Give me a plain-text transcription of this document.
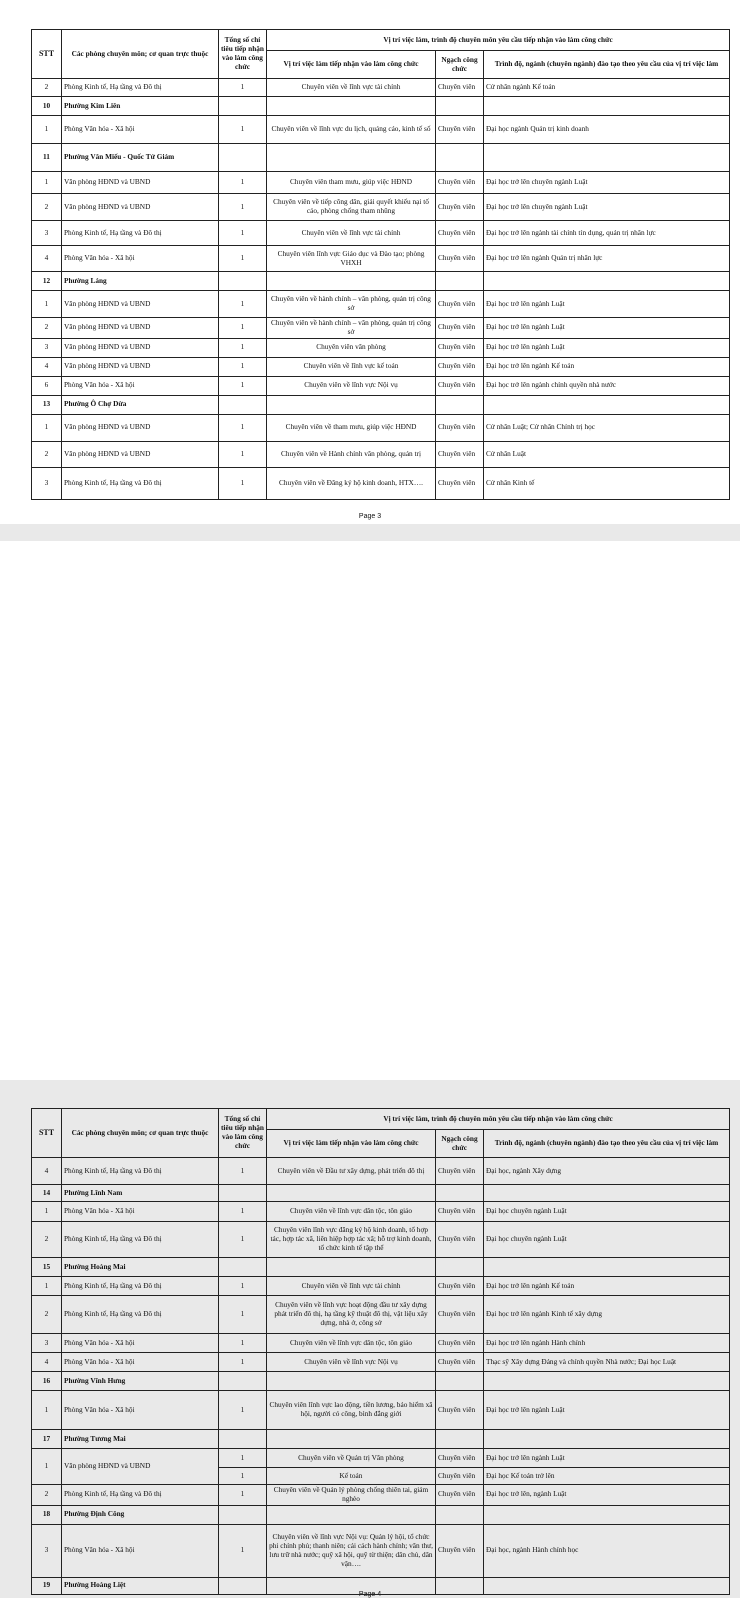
Page 3
STT	Các phòng chuyên môn; cơ quan trực thuộc	Tổng số chỉ tiêu tiếp nhận vào làm công chức	Vị trí việc làm, trình độ chuyên môn yêu cầu tiếp nhận vào làm công chức		
			Vị trí việc làm tiếp nhận vào làm công chức	Ngạch công chức	Trình độ, ngành (chuyên ngành) đào tạo theo yêu cầu của vị trí việc làm
2	Phòng Kinh tế, Hạ tầng và Đô thị	1	Chuyên viên về lĩnh vực tài chính	Chuyên viên	Cử nhân ngành Kế toán
10	Phường Kim Liên				
1	Phòng Văn hóa - Xã hội	1	Chuyên viên về lĩnh vực du lịch, quảng cáo, kinh tế số	Chuyên viên	Đại học ngành Quản trị kinh doanh
11	Phường Văn Miếu - Quốc Tử Giám				
1	Văn phòng HĐND và UBND	1	Chuyên viên tham mưu, giúp việc HĐND	Chuyên viên	Đại học trở lên chuyên ngành Luật
2	Văn phòng HĐND và UBND	1	Chuyên viên về tiếp công dân, giải quyết khiếu nại tố cáo, phòng chống tham nhũng	Chuyên viên	Đại học trở lên chuyên ngành Luật
3	Phòng Kinh tế, Hạ tầng và Đô thị	1	Chuyên viên về lĩnh vực tài chính	Chuyên viên	Đại học trở lên ngành tài chính tín dụng, quản trị nhân lực
4	Phòng Văn hóa - Xã hội	1	Chuyên viên lĩnh vực Giáo dục và Đào tạo; phòng VHXH	Chuyên viên	Đại học trở lên ngành Quản trị nhân lực
12	Phường Láng				
1	Văn phòng HĐND và UBND	1	Chuyên viên về hành chính – văn phòng, quản trị công sở	Chuyên viên	Đại học trở lên ngành Luật
2	Văn phòng HĐND và UBND	1	Chuyên viên về hành chính – văn phòng, quản trị công sở	Chuyên viên	Đại học trở lên ngành Luật
3	Văn phòng HĐND và UBND	1	Chuyên viên văn phòng	Chuyên viên	Đại học trở lên ngành Luật
4	Văn phòng HĐND và UBND	1	Chuyên viên về lĩnh vực kế toán	Chuyên viên	Đại học trở lên ngành Kế toán
6	Phòng Văn hóa - Xã hội	1	Chuyên viên về lĩnh vực Nội vụ	Chuyên viên	Đại học trở lên ngành chính quyền nhà nước
13	Phường Ô Chợ Dừa				
1	Văn phòng HĐND và UBND	1	Chuyên viên về tham mưu, giúp việc HĐND	Chuyên viên	Cử nhân Luật; Cử nhân Chính trị học
2	Văn phòng HĐND và UBND	1	Chuyên viên về Hành chính văn phòng, quản trị	Chuyên viên	Cử nhân Luật
3	Phòng Kinh tế, Hạ tầng và Đô thị	1	Chuyên viên về Đăng ký hộ kinh doanh, HTX….	Chuyên viên	Cử nhân Kinh tế
Page 4
STT	Các phòng chuyên môn; cơ quan trực thuộc	Tổng số chỉ tiêu tiếp nhận vào làm công chức	Vị trí việc làm, trình độ chuyên môn yêu cầu tiếp nhận vào làm công chức		
			Vị trí việc làm tiếp nhận vào làm công chức	Ngạch công chức	Trình độ, ngành (chuyên ngành) đào tạo theo yêu cầu của vị trí việc làm
4	Phòng Kinh tế, Hạ tầng và Đô thị	1	Chuyên viên về Đầu tư xây dựng, phát triển đô thị	Chuyên viên	Đại học, ngành Xây dựng
14	Phường Lĩnh Nam				
1	Phòng Văn hóa - Xã hội	1	Chuyên viên về lĩnh vực dân tộc, tôn giáo	Chuyên viên	Đại học chuyên ngành Luật
2	Phòng Kinh tế, Hạ tầng và Đô thị	1	Chuyên viên lĩnh vực đăng ký hộ kinh doanh, tổ hợp tác, hợp tác xã, liên hiệp hợp tác xã; hỗ trợ kinh doanh, tổ chức kinh tế tập thể	Chuyên viên	Đại học chuyên ngành Luật
15	Phường Hoàng Mai				
1	Phòng Kinh tế, Hạ tầng và Đô thị	1	Chuyên viên về lĩnh vực tài chính	Chuyên viên	Đại học trở lên ngành Kế toán
2	Phòng Kinh tế, Hạ tầng và Đô thị	1	Chuyên viên về lĩnh vực hoạt động đầu tư xây dựng phát triển đô thị, hạ tầng kỹ thuật đô thị, vật liệu xây dựng, nhà ở, công sở	Chuyên viên	Đại học trở lên ngành Kinh tế xây dựng
3	Phòng Văn hóa - Xã hội	1	Chuyên viên về lĩnh vực dân tộc, tôn giáo	Chuyên viên	Đại học trở lên ngành Hành chính
4	Phòng Văn hóa - Xã hội	1	Chuyên viên về lĩnh vực Nội vụ	Chuyên viên	Thạc sỹ Xây dựng Đảng và chính quyền Nhà nước; Đại học Luật
16	Phường Vĩnh Hưng				
1	Phòng Văn hóa - Xã hội	1	Chuyên viên lĩnh vực lao động, tiền lương, bảo hiểm xã hội, người có công, bình đẳng giới	Chuyên viên	Đại học trở lên ngành Luật
17	Phường Tương Mai				
1	Văn phòng HĐND và UBND	1	Chuyên viên về Quản trị Văn phòng	Chuyên viên	Đại học trở lên ngành Luật
		1	Kế toán	Chuyên viên	Đại học Kế toán trở lên
2	Phòng Kinh tế, Hạ tầng và Đô thị	1	Chuyên viên về Quản lý phòng chống thiên tai, giảm nghèo	Chuyên viên	Đại học trở lên, ngành Luật
18	Phường Định Công				
3	Phòng Văn hóa - Xã hội	1	Chuyên viên về lĩnh vực Nội vụ: Quản lý hội, tổ chức phi chính phủ; thanh niên; cải cách hành chính; văn thư, lưu trữ nhà nước; quỹ xã hội, quỹ từ thiện; dân chủ, dân vận….	Chuyên viên	Đại học, ngành Hành chính học
19	Phường Hoàng Liệt				
